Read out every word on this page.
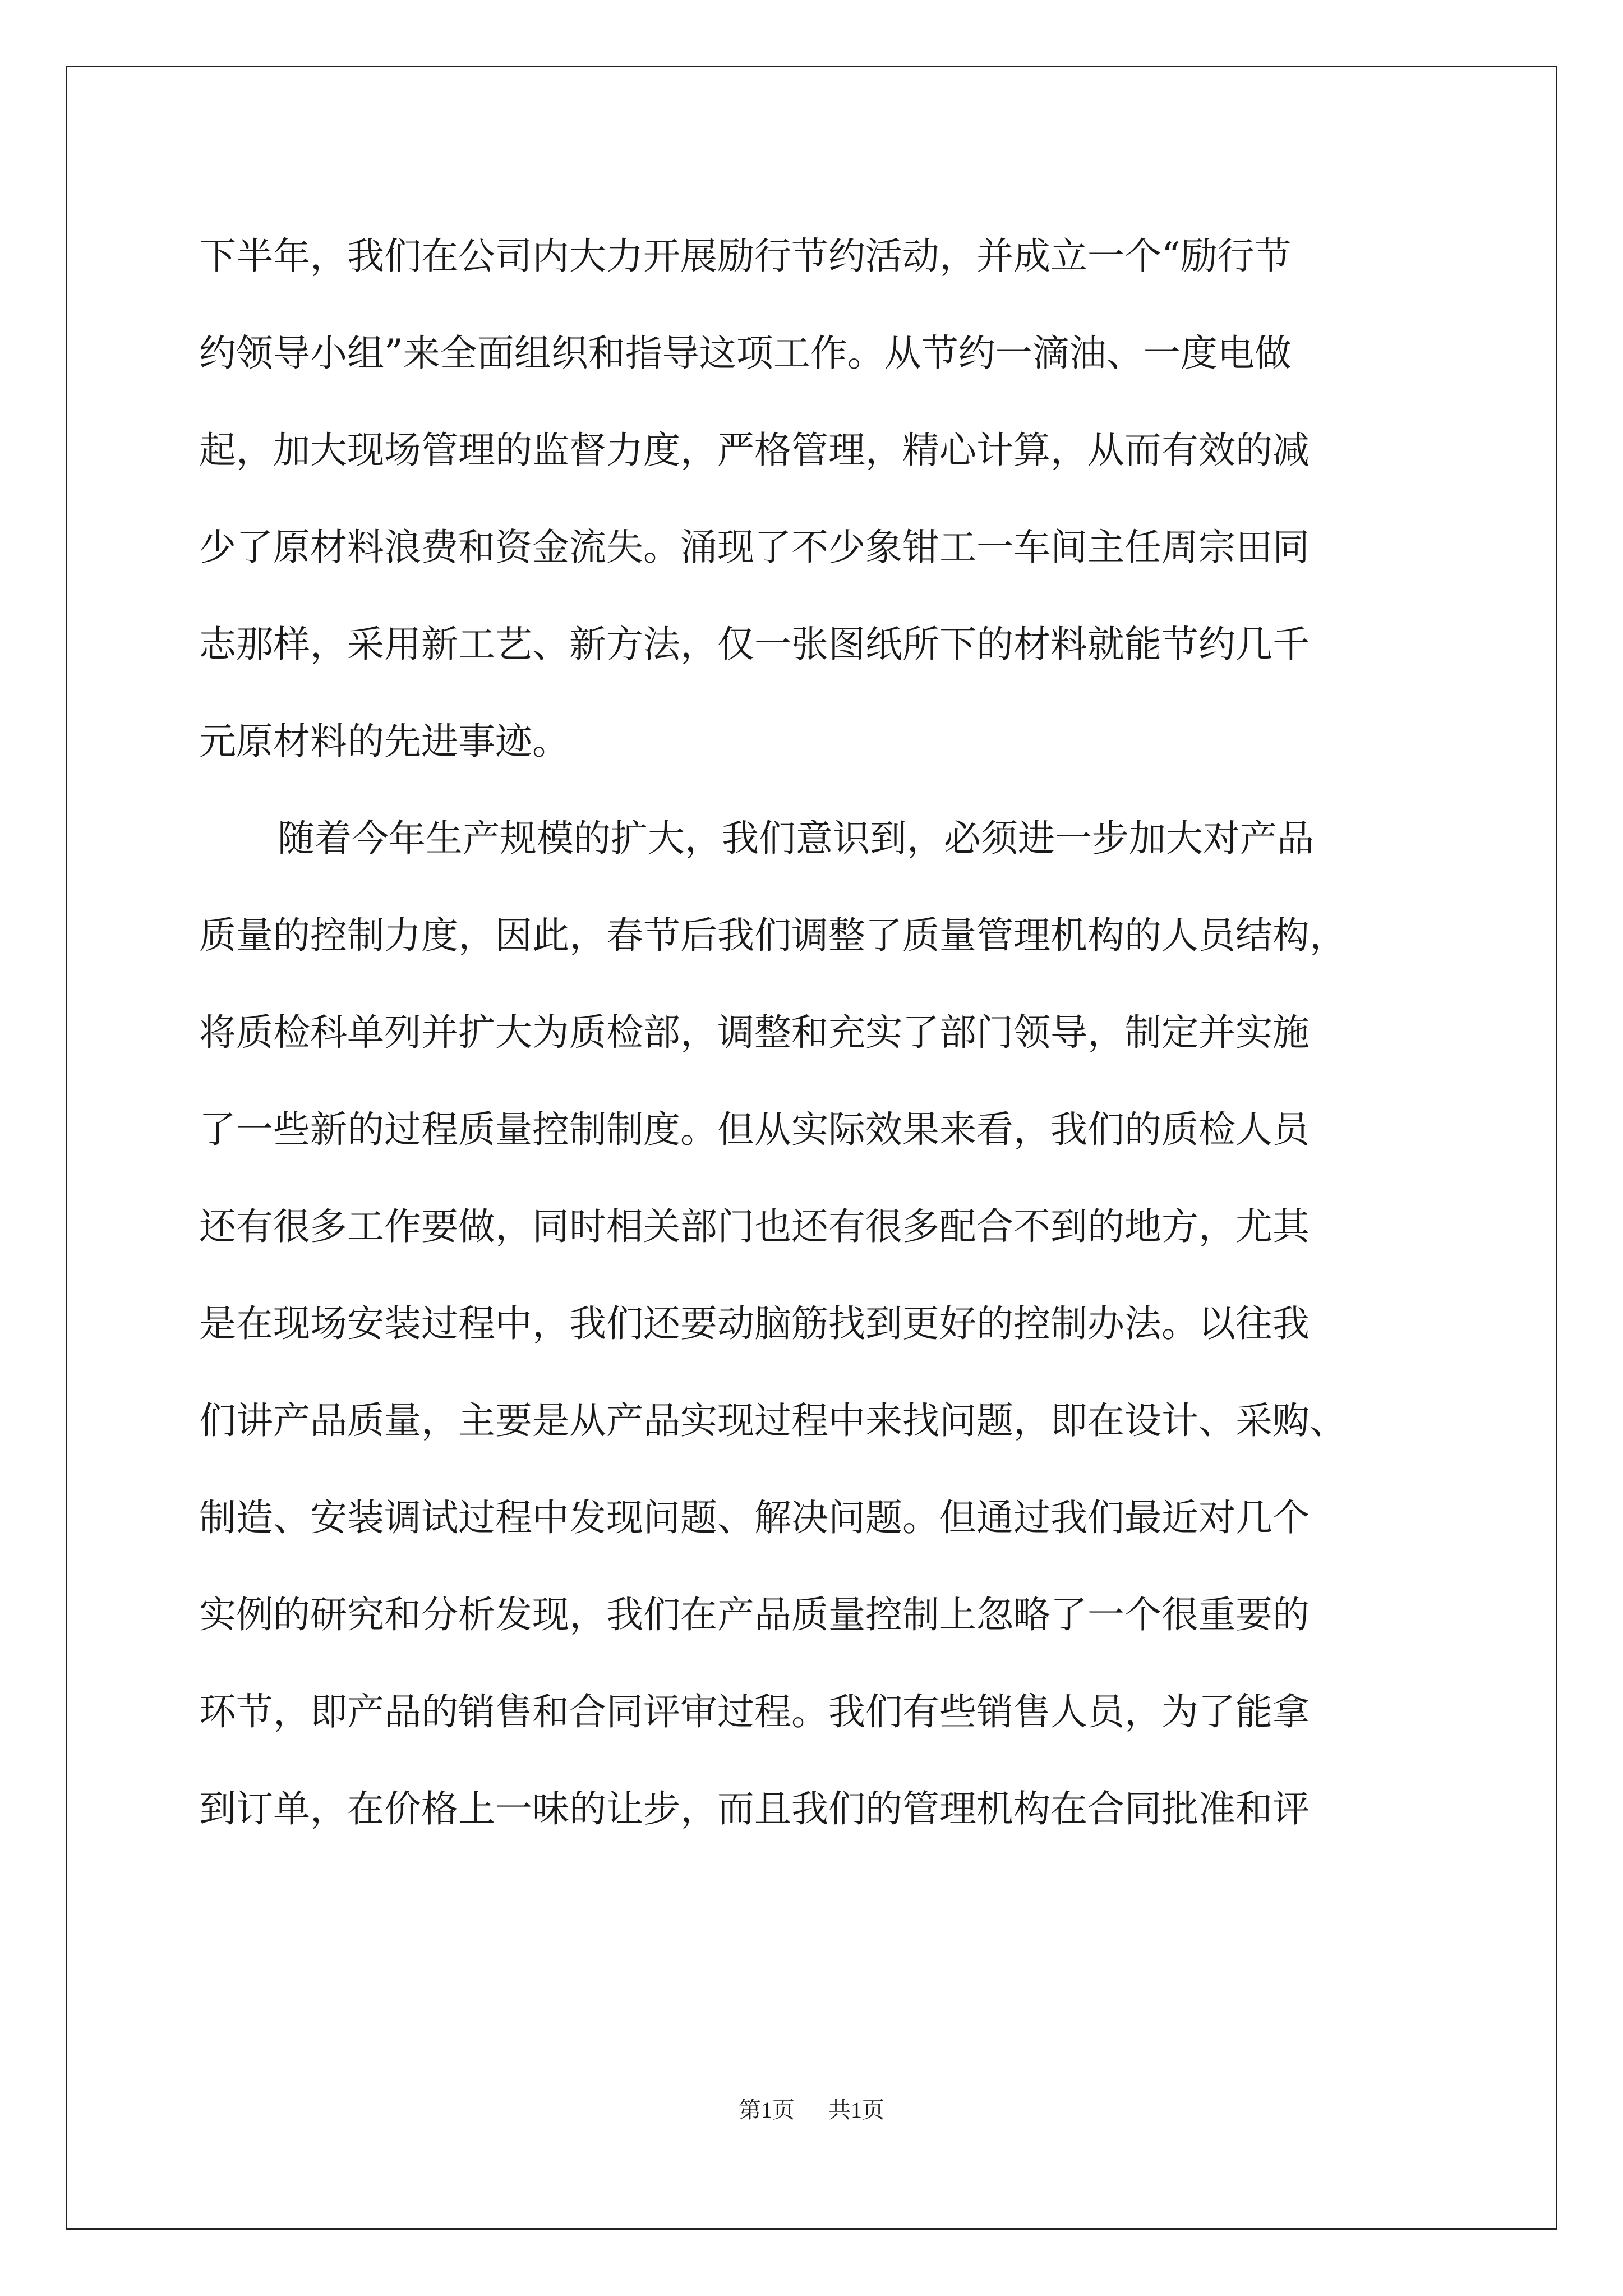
下半年，我们在公司内大力开展励行节约活动，并成立一个“励行节
约领导小组”来全面组织和指导这项工作。从节约一滴油、一度电做
起，加大现场管理的监督力度，严格管理，精心计算，从而有效的减
少了原材料浪费和资金流失。涌现了不少象钳工一车间主任周宗田同
志那样，采用新工艺、新方法，仅一张图纸所下的材料就能节约几千
元原材料的先进事迹。
随着今年生产规模的扩大，我们意识到，必须进一步加大对产品
质量的控制力度，因此，春节后我们调整了质量管理机构的人员结构，
将质检科单列并扩大为质检部，调整和充实了部门领导，制定并实施
了一些新的过程质量控制制度。但从实际效果来看，我们的质检人员
还有很多工作要做，同时相关部门也还有很多配合不到的地方，尤其
是在现场安装过程中，我们还要动脑筋找到更好的控制办法。以往我
们讲产品质量，主要是从产品实现过程中来找问题，即在设计、采购、
制造、安装调试过程中发现问题、解决问题。但通过我们最近对几个
实例的研究和分析发现，我们在产品质量控制上忽略了一个很重要的
环节，即产品的销售和合同评审过程。我们有些销售人员，为了能拿
到订单，在价格上一味的让步，而且我们的管理机构在合同批准和评
第1页 共1页
